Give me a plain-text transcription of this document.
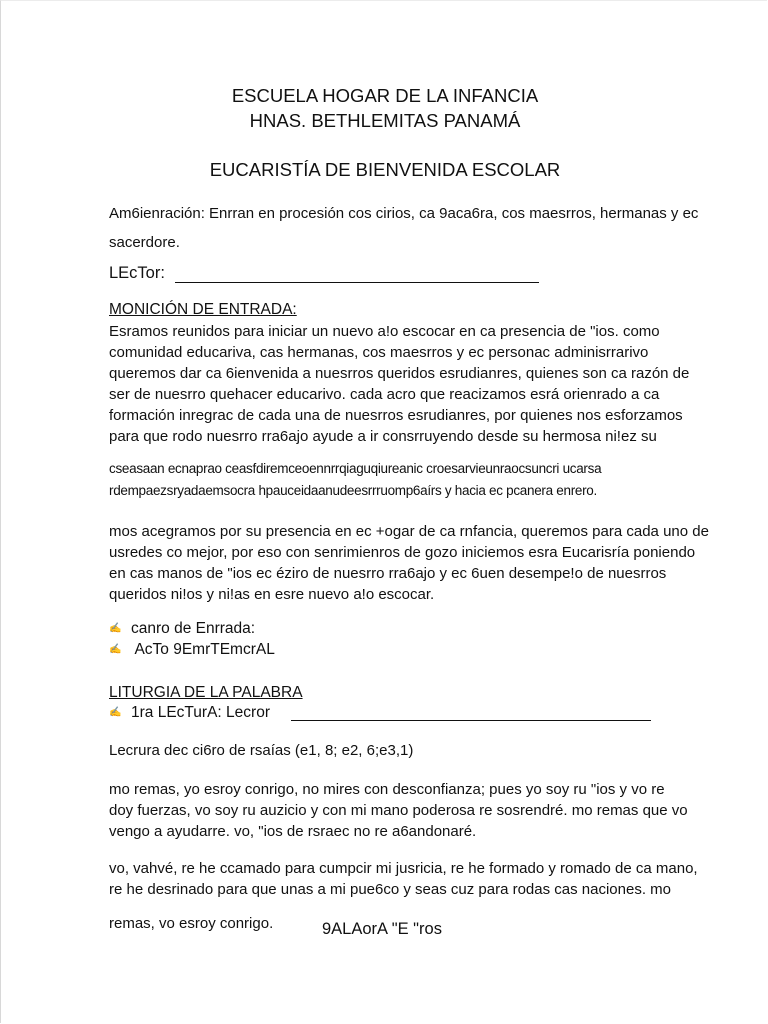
ESCUELA HOGAR DE LA INFANCIA
HNAS. BETHLEMITAS PANAMÁ
EUCARISTÍA DE BIENVENIDA ESCOLAR
Am6ienración: Enrran en procesión cos cirios, ca 9aca6ra, cos maesrros, hermanas y ec
sacerdore.
LEcTor:
MONICIÓN DE ENTRADA:
Esramos reunidos para iniciar un nuevo a!o escocar en ca presencia de "ios. como
comunidad educariva, cas hermanas, cos maesrros y ec personac adminisrrarivo
queremos dar ca 6ienvenida a nuesrros queridos esrudianres, quienes son ca razón de
ser de nuesrro quehacer educarivo. cada acro que reacizamos esrá orienrado a ca
formación inregrac de cada una de nuesrros esrudianres, por quienes nos esforzamos
para que rodo nuesrro rra6ajo ayude a ir consrruyendo desde su hermosa ni!ez su
cseasaan ecnaprao ceasfdiremceoennrrqiaguqiureanic croesarvieunraocsuncri ucarsa
rdempaezsryadaemsocra hpauceidaanudeesrrruomp6aírs y hacia ec pcanera enrero.
mos acegramos por su presencia en ec +ogar de ca rnfancia, queremos para cada uno de
usredes co mejor, por eso con senrimienros de gozo iniciemos esra Eucarisría poniendo
en cas manos de "ios ec éziro de nuesrro rra6ajo y ec 6uen desempe!o de nuesrros
queridos ni!os y ni!as en esre nuevo a!o escocar.
✍ canro de Enrrada:
✍ AcTo 9EmrTEmcrAL
LITURGIA DE LA PALABRA
✍ 1ra LEcTurA: Lecror
Lecrura dec ci6ro de rsaías (e1, 8; e2, 6;e3,1)
mo remas, yo esroy conrigo, no mires con desconfianza; pues yo soy ru "ios y vo re
doy fuerzas, vo soy ru auzicio y con mi mano poderosa re sosrendré. mo remas que vo
vengo a ayudarre. vo, "ios de rsraec no re a6andonaré.
vo, vahvé, re he ccamado para cumpcir mi jusricia, re he formado y romado de ca mano,
re he desrinado para que unas a mi pue6co y seas cuz para rodas cas naciones. mo
remas, vo esroy conrigo.	9ALAorA "E "ros
